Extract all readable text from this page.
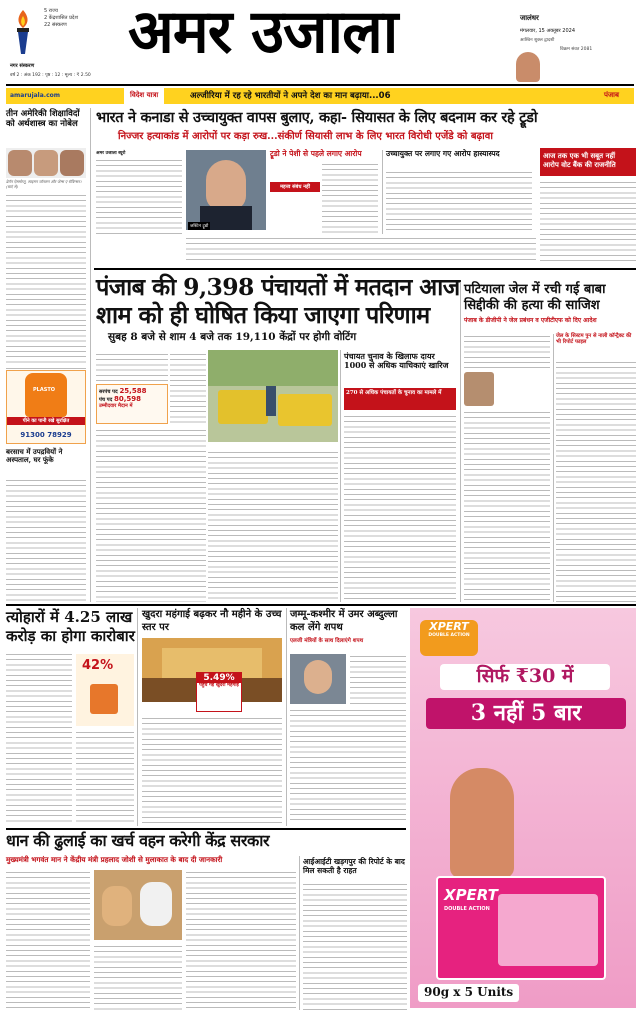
5 राज्य
2 केंद्रशासित प्रदेश
22 संस्करण
नगर संस्करण
वर्ष 2 : अंक 192 : पृष्ठ : 12 : मूल्य : ₹ 2.50
अमर उजाला	जालंधर
मंगलवार, 15 अक्तूबर 2024
आश्विन शुक्ल द्वादशी
विक्रम संवत 2081
amarujala.com	विदेश यात्रा	अल्जीरिया में रह रहे भारतीयों ने अपने देश का मान बढ़ाया...06	पंजाब
तीन अमेरिकी शिक्षाविदों को अर्थशास्त्र का नोबेल
डेरॉन ऐसमोग्लू, साइमन जॉनसन और जेम्स ए रॉबिन्सन। (बाएं से)
PLASTO
पीने का पानी रखे सुरक्षित
91300 78929
बरसाच में उपद्रवियों ने अस्पताल, घर फूंके
भारत ने कनाडा से उच्चायुक्त वापस बुलाए, कहा- सियासत के लिए बदनाम कर रहे ट्रूडो
निज्जर हत्याकांड में आरोपों पर कड़ा रुख...संकीर्ण सियासी लाभ के लिए भारत विरोधी एजेंडे को बढ़ावा
अमर उजाला ब्यूरो
जस्टिन ट्रूडो
ट्रूडो ने पेशी से पहले लगाए आरोप
महत्त्व संबंध नहीं
उच्चायुक्त पर लगाए गए आरोप हास्यास्पद	आज तक एक भी सबूत नहीं आरोप वोट बैंक की राजनीति
पंजाब की 9,398 पंचायतों में मतदान आज शाम को ही घोषित किया जाएगा परिणाम
सुबह 8 बजे से शाम 4 बजे तक 19,110 केंद्रों पर होगी वोटिंग
सरपंच पद 25,588
पंच पद 80,598
उम्मीदवार मैदान में
पंचायत चुनाव के खिलाफ दायर 1000 से अधिक याचिकाएं खारिज
270 से अधिक पंचायतों के चुनाव का मामले में
पटियाला जेल में रची गई बाबा सिद्दीकी की हत्या की साजिश
पंजाब के डीजीपी ने जेल प्रबंधन व एजीटीएफ को दिए आदेश
जेल के सिस्टम पुन से नाली कॉन्ट्रैक्ट की भी रिपोर्ट फाइल
त्योहारों में 4.25 लाख करोड़ का होगा कारोबार
42%
खुदरा महंगाई बढ़कर नौ महीने के उच्च स्तर पर
5.49%
पहुंच गई खुदरा महंगाई
जम्मू-कश्मीर में उमर अब्दुल्ला कल लेंगे शपथ
एलजी मंत्रियों के साथ दिलाएंगे शपथ
XPERT
DOUBLE ACTION
सिर्फ ₹30 में
3 नहीं 5 बार
XPERT
DOUBLE ACTION
90g x 5 Units
धान की ढुलाई का खर्च वहन करेगी केंद्र सरकार
मुख्यमंत्री भगवंत मान ने केंद्रीय मंत्री प्रहलाद जोशी से मुलाकात के बाद दी जानकारी	आईआईटी खड़गपुर की रिपोर्ट के बाद मिल सकती है राहत
